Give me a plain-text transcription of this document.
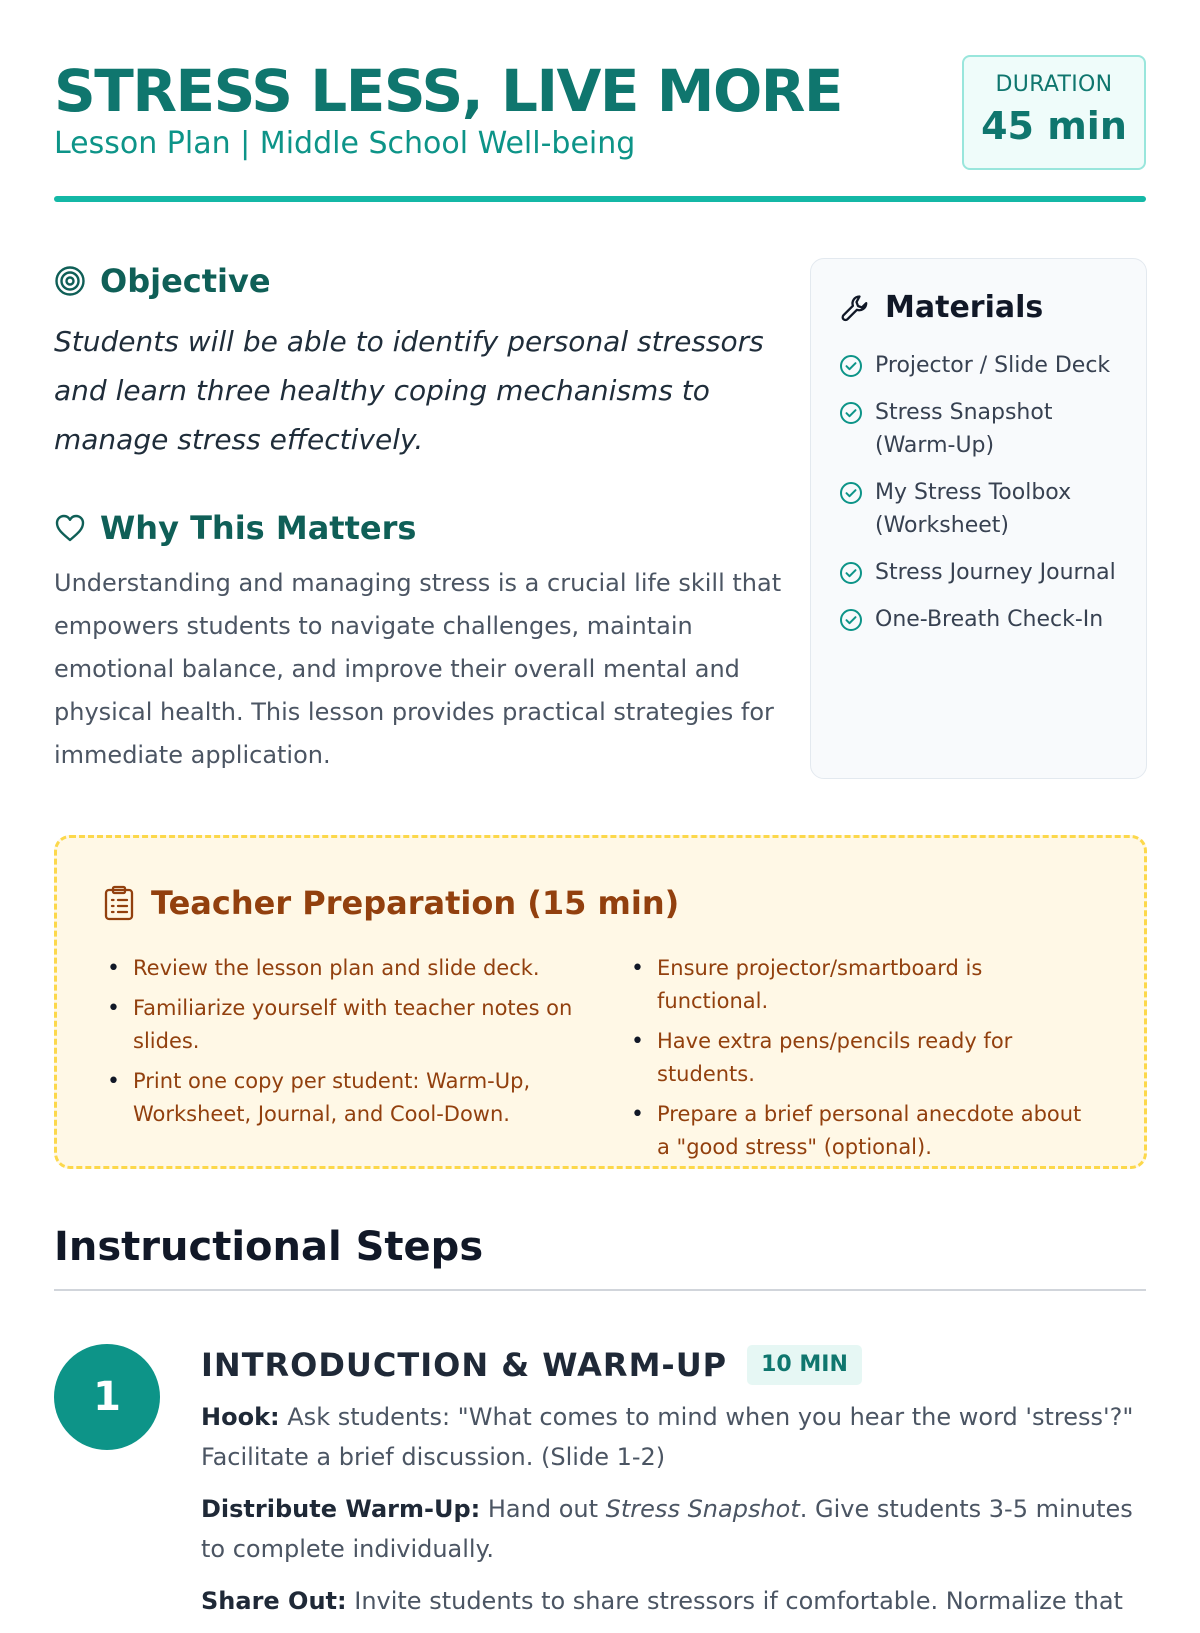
STRESS LESS, LIVE MORE
Lesson Plan | Middle School Well-being
DURATION
45 min
Objective
Students will be able to identify personal stressors and learn three healthy coping mechanisms to manage stress effectively.
Why This Matters
Understanding and managing stress is a crucial life skill that empowers students to navigate challenges, maintain emotional balance, and improve their overall mental and physical health. This lesson provides practical strategies for immediate application.
Materials
Projector / Slide Deck
Stress Snapshot (Warm-Up)
My Stress Toolbox (Worksheet)
Stress Journey Journal
One-Breath Check-In
Teacher Preparation (15 min)
• Review the lesson plan and slide deck.
• Familiarize yourself with teacher notes on slides.
• Print one copy per student: Warm-Up, Worksheet, Journal, and Cool-Down.
• Ensure projector/smartboard is functional.
• Have extra pens/pencils ready for students.
• Prepare a brief personal anecdote about a "good stress" (optional).
Instructional Steps
1
INTRODUCTION & WARM-UP	10 MIN

Hook: Ask students: "What comes to mind when you hear the word 'stress'?" Facilitate a brief discussion. (Slide 1-2)

Distribute Warm-Up: Hand out Stress Snapshot. Give students 3-5 minutes to complete individually.

Share Out: Invite students to share stressors if comfortable. Normalize that
